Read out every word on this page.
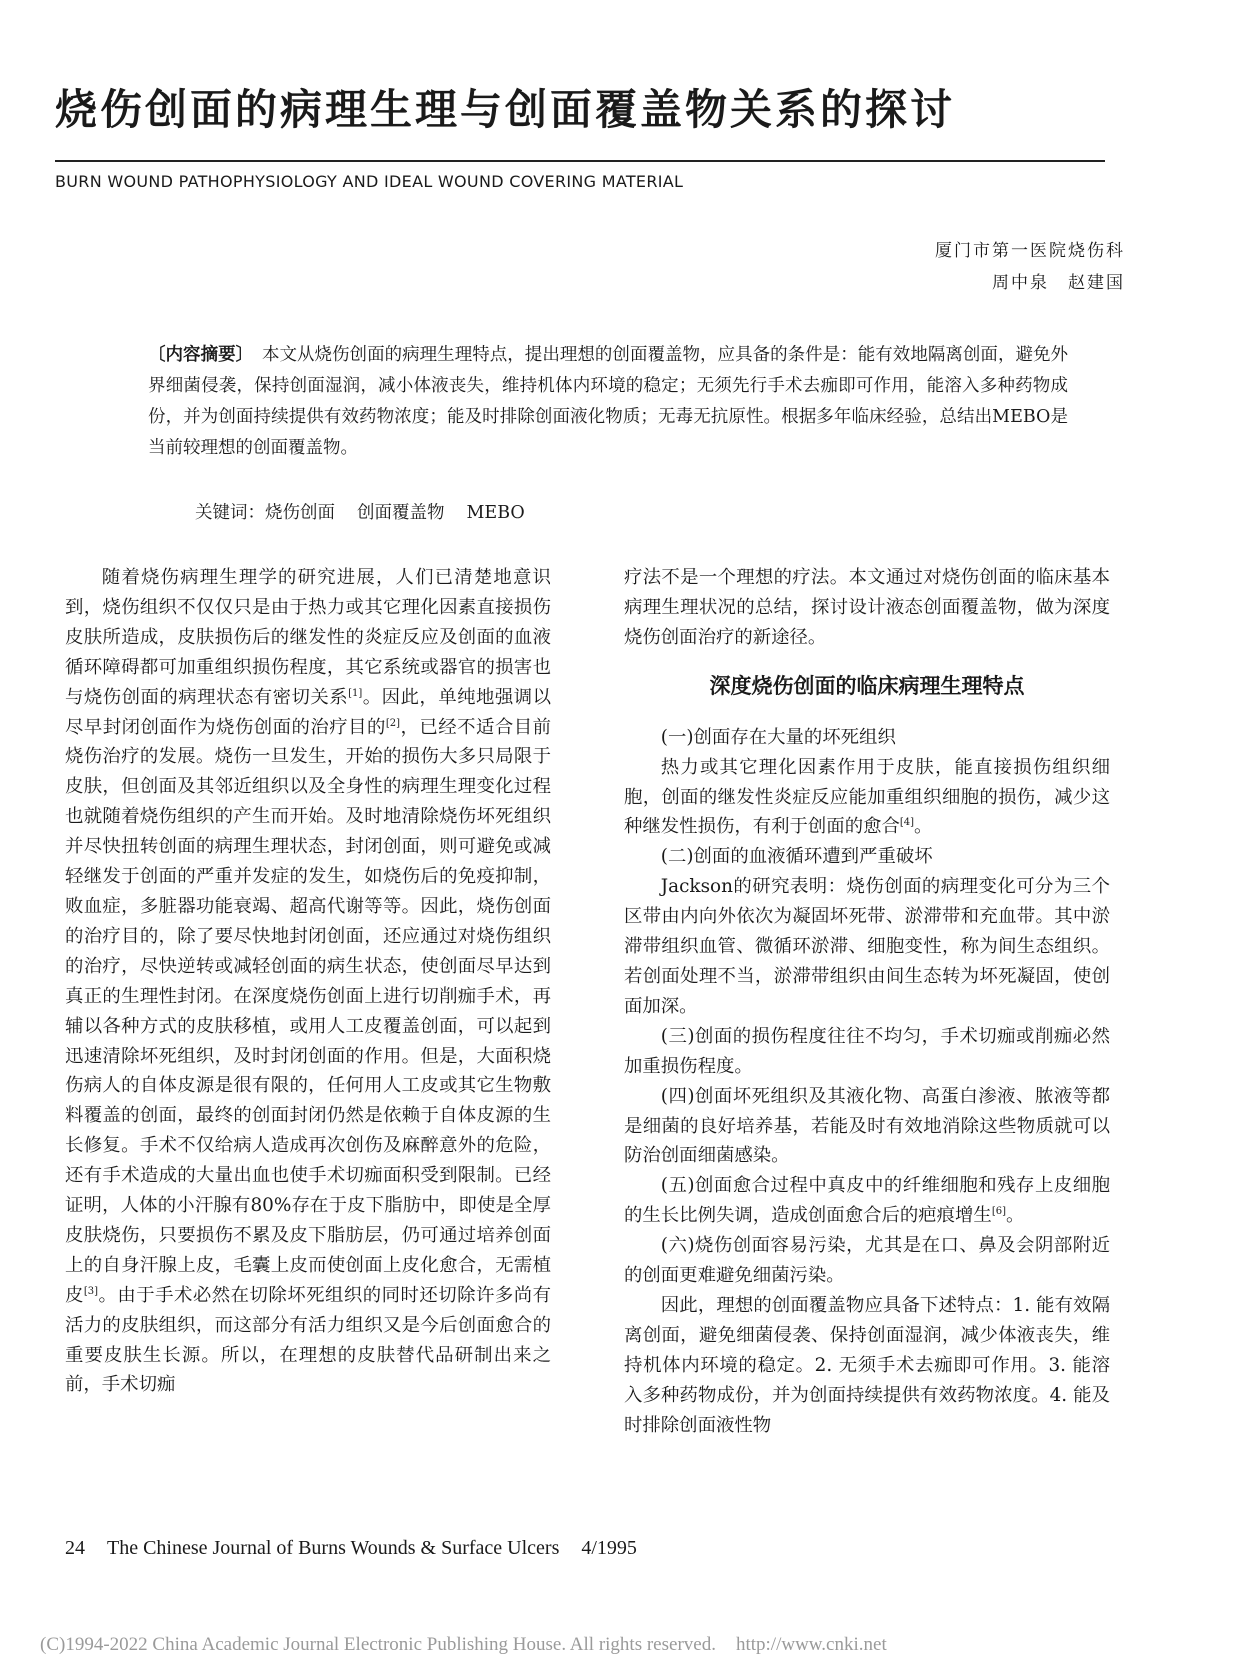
烧伤创面的病理生理与创面覆盖物关系的探讨
BURN WOUND PATHOPHYSIOLOGY AND IDEAL WOUND COVERING MATERIAL
厦门市第一医院烧伤科
周中泉　赵建国

〔内容摘要〕　 本文从烧伤创面的病理生理特点，提出理想的创面覆盖物，应具备的条件是：能有效地隔离创面，避免外界细菌侵袭，保持创面湿润，减小体液丧失，维持机体内环境的稳定；无须先行手术去痂即可作用，能溶入多种药物成份，并为创面持续提供有效药物浓度；能及时排除创面液化物质；无毒无抗原性。根据多年临床经验，总结出MEBO是当前较理想的创面覆盖物。

关键词：烧伤创面 创面覆盖物 MEBO

随着烧伤病理生理学的研究进展，人们已清楚地意识到，烧伤组织不仅仅只是由于热力或其它理化因素直接损伤皮肤所造成，皮肤损伤后的继发性的炎症反应及创面的血液循环障碍都可加重组织损伤程度，其它系统或器官的损害也与烧伤创面的病理状态有密切关系[1]。因此，单纯地强调以尽早封闭创面作为烧伤创面的治疗目的[2]，已经不适合目前烧伤治疗的发展。烧伤一旦发生，开始的损伤大多只局限于皮肤，但创面及其邻近组织以及全身性的病理生理变化过程也就随着烧伤组织的产生而开始。及时地清除烧伤坏死组织并尽快扭转创面的病理生理状态，封闭创面，则可避免或减轻继发于创面的严重并发症的发生，如烧伤后的免疫抑制，败血症，多脏器功能衰竭、超高代谢等等。因此，烧伤创面的治疗目的，除了要尽快地封闭创面，还应通过对烧伤组织的治疗，尽快逆转或减轻创面的病生状态，使创面尽早达到真正的生理性封闭。在深度烧伤创面上进行切削痂手术，再辅以各种方式的皮肤移植，或用人工皮覆盖创面，可以起到迅速清除坏死组织，及时封闭创面的作用。但是，大面积烧伤病人的自体皮源是很有限的，任何用人工皮或其它生物敷料覆盖的创面，最终的创面封闭仍然是依赖于自体皮源的生长修复。手术不仅给病人造成再次创伤及麻醉意外的危险，还有手术造成的大量出血也使手术切痂面积受到限制。已经证明，人体的小汗腺有80%存在于皮下脂肪中，即使是全厚皮肤烧伤，只要损伤不累及皮下脂肪层，仍可通过培养创面上的自身汗腺上皮，毛囊上皮而使创面上皮化愈合，无需植皮[3]。由于手术必然在切除坏死组织的同时还切除许多尚有活力的皮肤组织，而这部分有活力组织又是今后创面愈合的重要皮肤生长源。所以，在理想的皮肤替代品研制出来之前，手术切痂

疗法不是一个理想的疗法。本文通过对烧伤创面的临床基本病理生理状况的总结，探讨设计液态创面覆盖物，做为深度烧伤创面治疗的新途径。

深度烧伤创面的临床病理生理特点

(一)创面存在大量的坏死组织

热力或其它理化因素作用于皮肤，能直接损伤组织细胞，创面的继发性炎症反应能加重组织细胞的损伤，减少这种继发性损伤，有利于创面的愈合[4]。

(二)创面的血液循环遭到严重破坏

Jackson的研究表明：烧伤创面的病理变化可分为三个区带由内向外依次为凝固坏死带、淤滞带和充血带。其中淤滞带组织血管、微循环淤滞、细胞变性，称为间生态组织。若创面处理不当，淤滞带组织由间生态转为坏死凝固，使创面加深。

(三)创面的损伤程度往往不均匀，手术切痂或削痂必然加重损伤程度。

(四)创面坏死组织及其液化物、高蛋白渗液、脓液等都是细菌的良好培养基，若能及时有效地消除这些物质就可以防治创面细菌感染。

(五)创面愈合过程中真皮中的纤维细胞和残存上皮细胞的生长比例失调，造成创面愈合后的疤痕增生[6]。

(六)烧伤创面容易污染，尤其是在口、鼻及会阴部附近的创面更难避免细菌污染。

因此，理想的创面覆盖物应具备下述特点：1. 能有效隔离创面，避免细菌侵袭、保持创面湿润，减少体液丧失，维持机体内环境的稳定。2. 无须手术去痂即可作用。3. 能溶入多种药物成份，并为创面持续提供有效药物浓度。4. 能及时排除创面液性物

24 The Chinese Journal of Burns Wounds & Surface Ulcers 4/1995
(C)1994-2022 China Academic Journal Electronic Publishing House. All rights reserved. http://www.cnki.net
